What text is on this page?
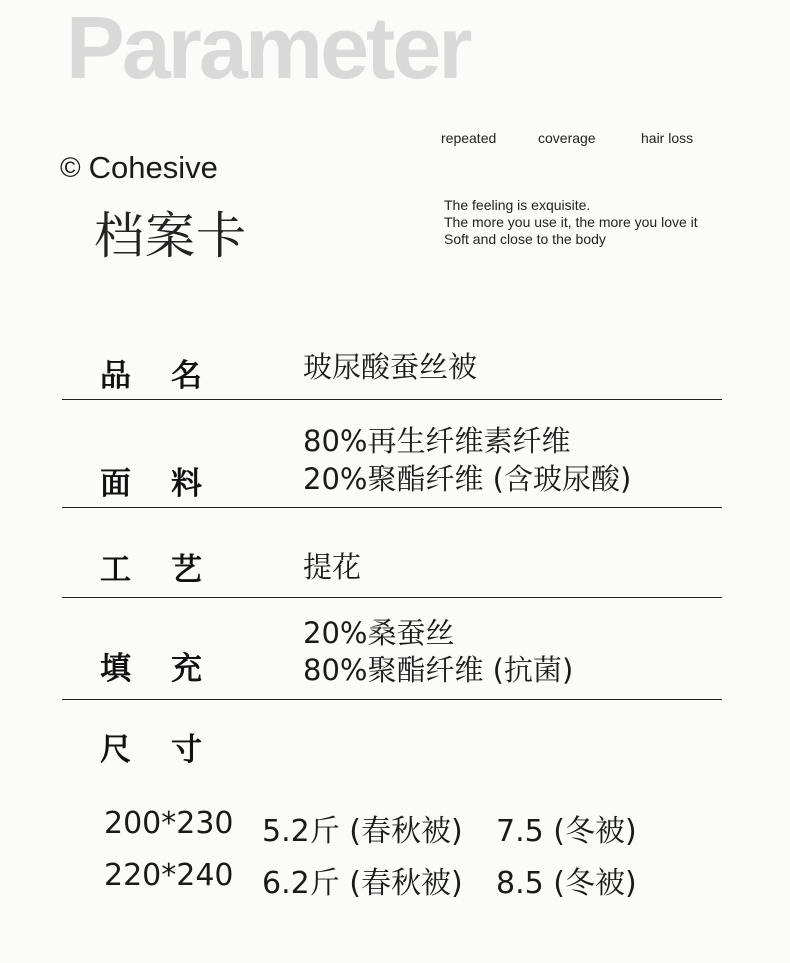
Parameter
© Cohesive
档案卡
repeated	coverage	hair loss
The feeling is exquisite.
The more you use it, the more you love it
Soft and close to the body
品名 玻尿酸蚕丝被
面料
80%再生纤维素纤维
20%聚酯纤维 (含玻尿酸)
工艺 提花
填充
20%桑蚕丝
80%聚酯纤维 (抗菌)
尺寸
200*230 5.2斤 (春秋被) 7.5 (冬被)
220*240 6.2斤 (春秋被) 8.5 (冬被)
